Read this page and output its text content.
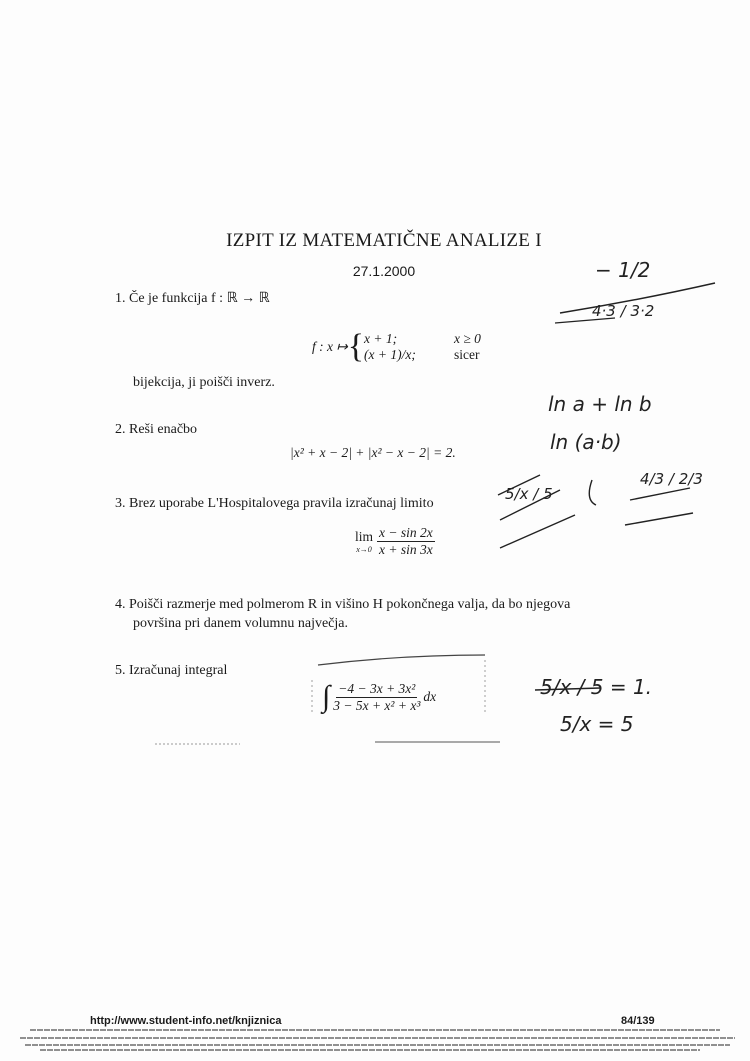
IZPIT IZ MATEMATIČNE ANALIZE I
27.1.2000
1. Če je funkcija f : ℝ → ℝ
f : x ↦ { x + 1;	x ≥ 0
(x + 1)/x;	sicer
bijekcija, ji poišči inverz.
2. Reši enačbo
|x² + x − 2| + |x² − x − 2| = 2.
3. Brez uporabe L'Hospitalovega pravila izračunaj limito
lim
$x\to 0 \frac{x - \sin 2x}{x + \sin 3x}$
4. Poišči razmerje med polmerom R in višino H pokončnega valja, da bo njegova
površina pri danem volumnu največja.
5. Izračunaj integral
∫ $\frac{\text{−4 − 3x + 3x²}}{\text{3 − 5x + x² + x³}}$ dx
− 1/2
4·3 / 3·2
ln a + ln b
ln (a·b)
5/x / 5
4/3 / 2/3
5/x / 5 = 1.
5/x = 5
http://www.student-info.net/knjiznica	84/139
